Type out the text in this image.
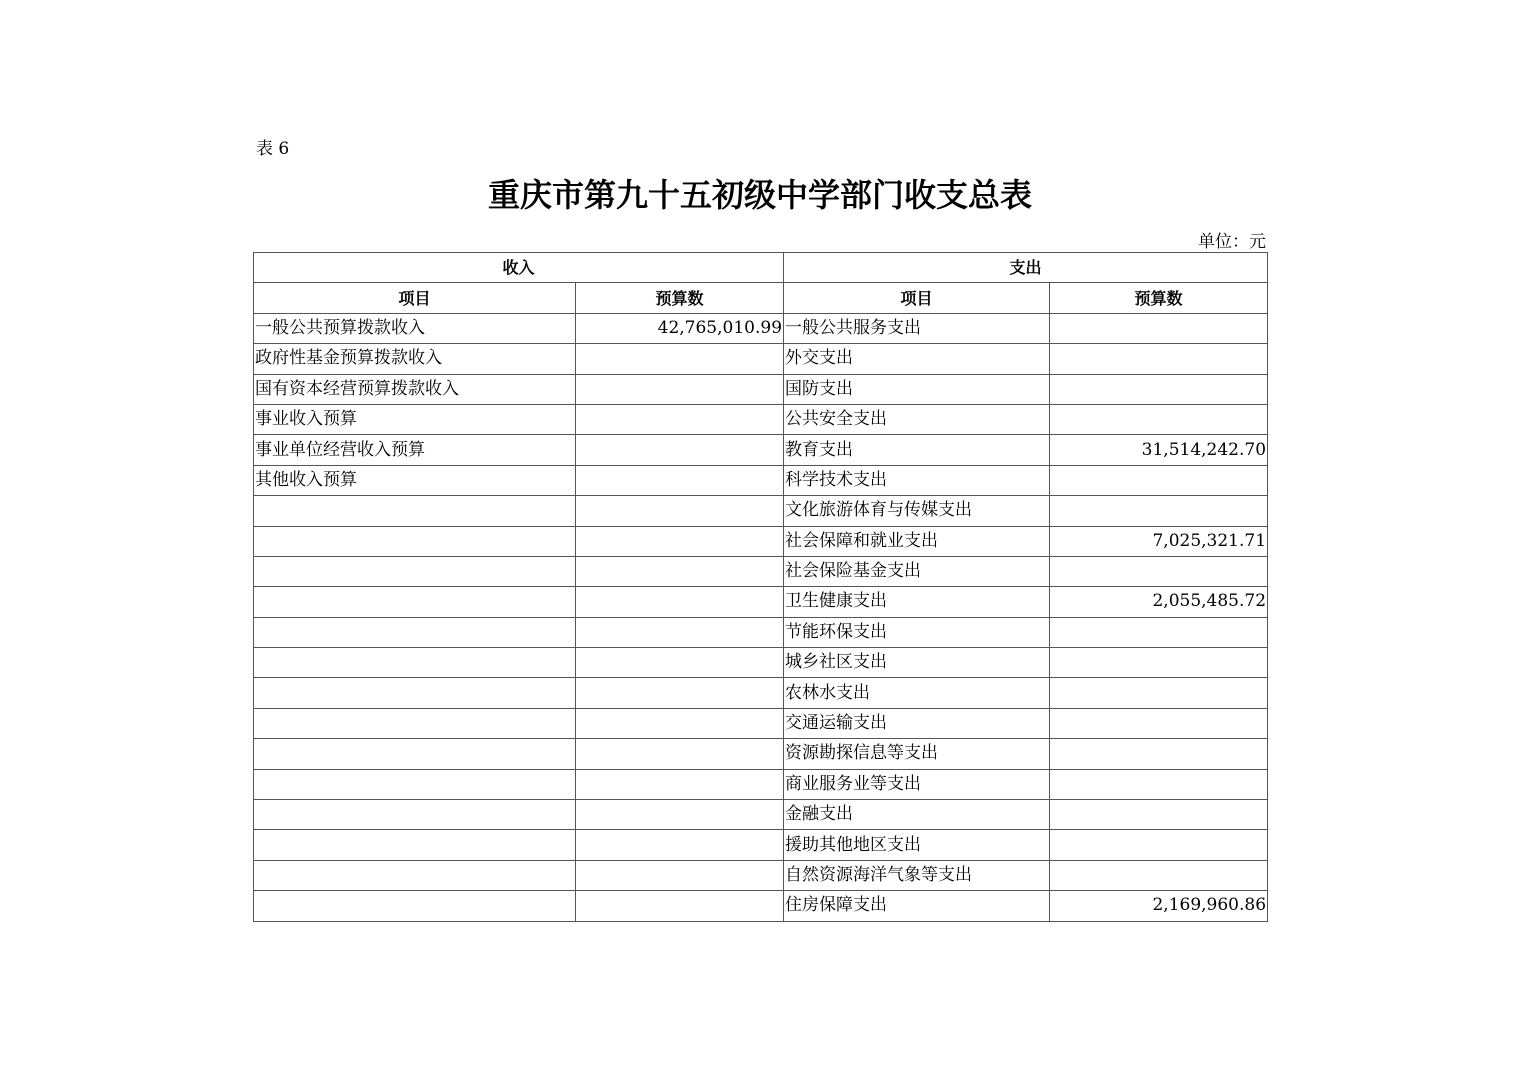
表 6
重庆市第九十五初级中学部门收支总表
单位：元
收入		支出	
项目	预算数	项目	预算数
一般公共预算拨款收入	42,765,010.99	一般公共服务支出	
政府性基金预算拨款收入		外交支出	
国有资本经营预算拨款收入		国防支出	
事业收入预算		公共安全支出	
事业单位经营收入预算		教育支出	31,514,242.70
其他收入预算		科学技术支出	
		文化旅游体育与传媒支出	
		社会保障和就业支出	7,025,321.71
		社会保险基金支出	
		卫生健康支出	2,055,485.72
		节能环保支出	
		城乡社区支出	
		农林水支出	
		交通运输支出	
		资源勘探信息等支出	
		商业服务业等支出	
		金融支出	
		援助其他地区支出	
		自然资源海洋气象等支出	
		住房保障支出	2,169,960.86
